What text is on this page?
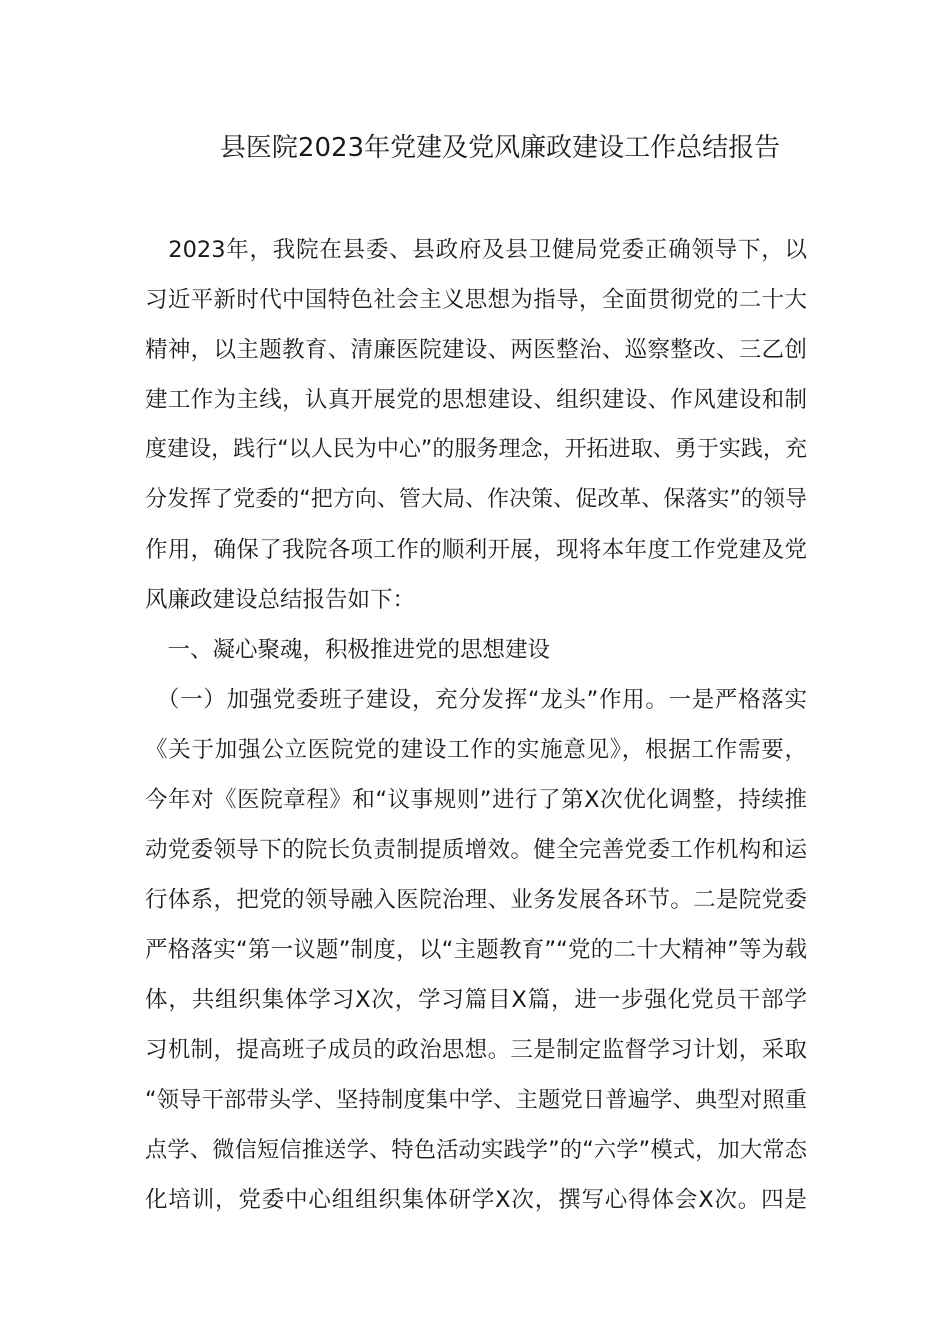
县医院2023年党建及党风廉政建设工作总结报告
　2023年，我院在县委、县政府及县卫健局党委正确领导下，以
习近平新时代中国特色社会主义思想为指导，全面贯彻党的二十大
精神，以主题教育、清廉医院建设、两医整治、巡察整改、三乙创
建工作为主线，认真开展党的思想建设、组织建设、作风建设和制
度建设，践行“以人民为中心”的服务理念，开拓进取、勇于实践，充
分发挥了党委的“把方向、管大局、作决策、促改革、保落实”的领导
作用，确保了我院各项工作的顺利开展，现将本年度工作党建及党
风廉政建设总结报告如下：
　一、凝心聚魂，积极推进党的思想建设
　（一）加强党委班子建设，充分发挥“龙头”作用。一是严格落实
《关于加强公立医院党的建设工作的实施意见》，根据工作需要，
今年对《医院章程》和“议事规则”进行了第X次优化调整，持续推
动党委领导下的院长负责制提质增效。健全完善党委工作机构和运
行体系，把党的领导融入医院治理、业务发展各环节。二是院党委
严格落实“第一议题”制度，以“主题教育”“党的二十大精神”等为载
体，共组织集体学习X次，学习篇目X篇，进一步强化党员干部学
习机制，提高班子成员的政治思想。三是制定监督学习计划，采取
“领导干部带头学、坚持制度集中学、主题党日普遍学、典型对照重
点学、微信短信推送学、特色活动实践学”的“六学”模式，加大常态
化培训，党委中心组组织集体研学X次，撰写心得体会X次。四是
